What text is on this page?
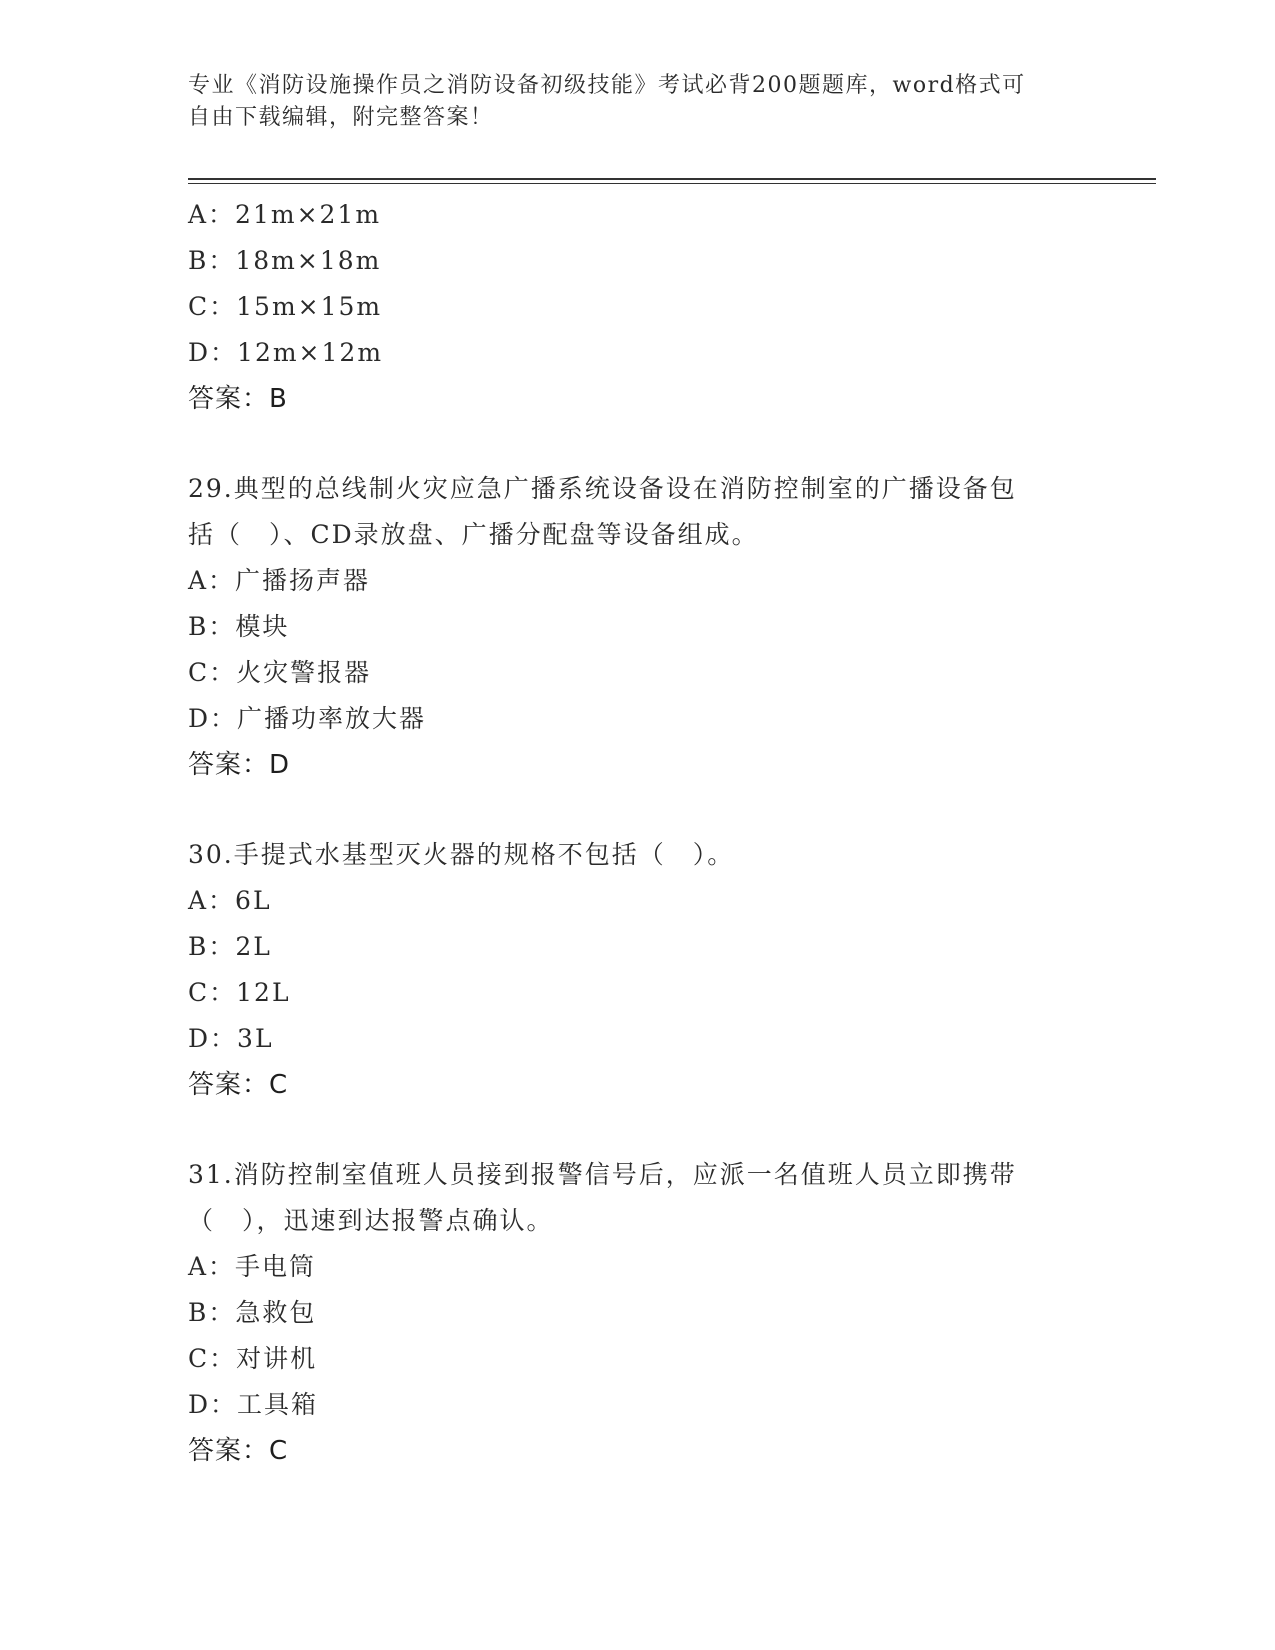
专业《消防设施操作员之消防设备初级技能》考试必背200题题库，word格式可
自由下载编辑，附完整答案！
A：21m×21m
B：18m×18m
C：15m×15m
D：12m×12m
答案：B
29.典型的总线制火灾应急广播系统设备设在消防控制室的广播设备包
括（　）、CD录放盘、广播分配盘等设备组成。
A：广播扬声器
B：模块
C：火灾警报器
D：广播功率放大器
答案：D
30.手提式水基型灭火器的规格不包括（　）。
A：6L
B：2L
C：12L
D：3L
答案：C
31.消防控制室值班人员接到报警信号后，应派一名值班人员立即携带
（　），迅速到达报警点确认。
A：手电筒
B：急救包
C：对讲机
D：工具箱
答案：C
